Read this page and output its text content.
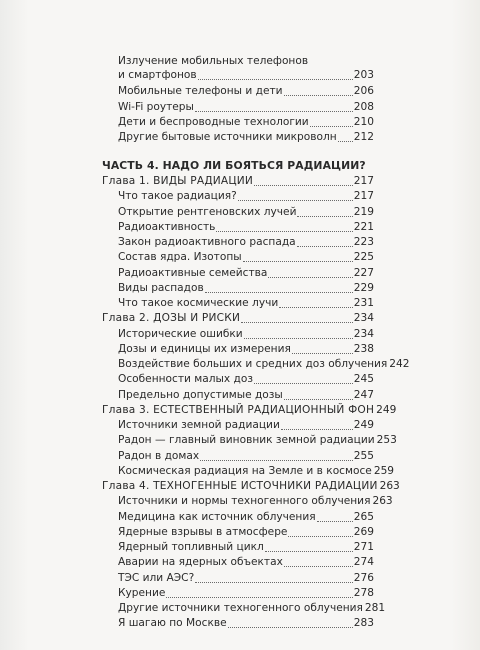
Излучение мобильных телефонов
и смартфонов	203
Мобильные телефоны и дети	206
Wi-Fi роутеры	208
Дети и беспроводные технологии	210
Другие бытовые источники микроволн 212
ЧАСТЬ 4. НАДО ЛИ БОЯТЬСЯ РАДИАЦИИ?
Глава 1. ВИДЫ РАДИАЦИИ	217
Что такое радиация?	217
Открытие рентгеновских лучей	219
Радиоактивность	221
Закон радиоактивного распада	223
Состав ядра. Изотопы	225
Радиоактивные семейства	227
Виды распадов	229
Что такое космические лучи	231
Глава 2. ДОЗЫ И РИСКИ	234
Исторические ошибки	234
Дозы и единицы их измерения	238
Воздействие больших и средних доз облучения 242
Особенности малых доз	245
Предельно допустимые дозы	247
Глава 3. ЕСТЕСТВЕННЫЙ РАДИАЦИОННЫЙ ФОН 249
Источники земной радиации	249
Радон — главный виновник земной радиации 253
Радон в домах	255
Космическая радиация на Земле и в космосе 259
Глава 4. ТЕХНОГЕННЫЕ ИСТОЧНИКИ РАДИАЦИИ 263
Источники и нормы техногенного облучения 263
Медицина как источник облучения	265
Ядерные взрывы в атмосфере	269
Ядерный топливный цикл	271
Аварии на ядерных объектах	274
ТЭС или АЭС?	276
Курение	278
Другие источники техногенного облучения 281
Я шагаю по Москве	283
